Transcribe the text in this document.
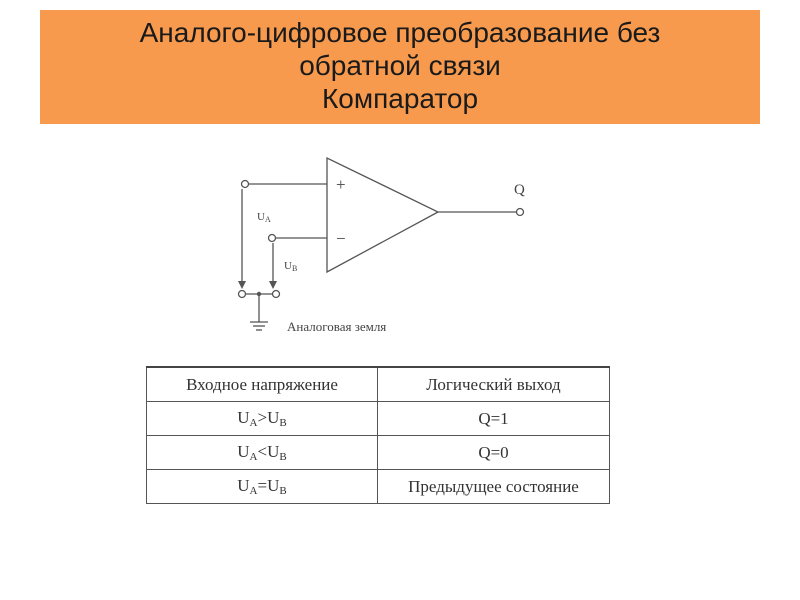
Аналого-цифровое преобразование без
обратной связи
Компаратор
+
−
Q
UA
UB
Аналоговая земля
Входное напряжение	Логический выход
$U_A>U_B$	Q=1
$U_A<U_B$	Q=0
$U_A=U_B$	Предыдущее состояние
